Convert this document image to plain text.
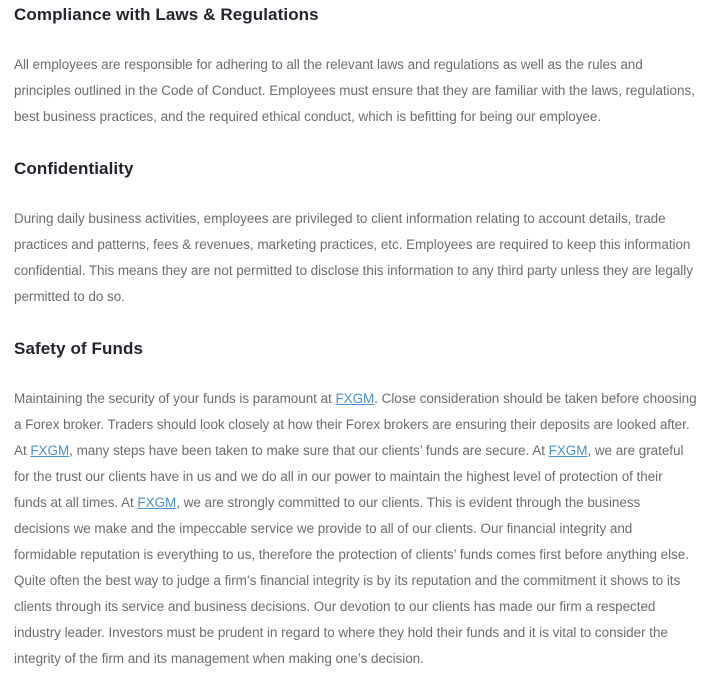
Compliance with Laws & Regulations

All employees are responsible for adhering to all the relevant laws and regulations as well as the rules and principles outlined in the Code of Conduct. Employees must ensure that they are familiar with the laws, regulations, best business practices, and the required ethical conduct, which is befitting for being our employee.

Confidentiality

During daily business activities, employees are privileged to client information relating to account details, trade practices and patterns, fees & revenues, marketing practices, etc. Employees are required to keep this information confidential. This means they are not permitted to disclose this information to any third party unless they are legally permitted to do so.

Safety of Funds

Maintaining the security of your funds is paramount at FXGM. Close consideration should be taken before choosing a Forex broker. Traders should look closely at how their Forex brokers are ensuring their deposits are looked after. At FXGM, many steps have been taken to make sure that our clients’ funds are secure. At FXGM, we are grateful for the trust our clients have in us and we do all in our power to maintain the highest level of protection of their funds at all times. At FXGM, we are strongly committed to our clients. This is evident through the business decisions we make and the impeccable service we provide to all of our clients. Our financial integrity and formidable reputation is everything to us, therefore the protection of clients’ funds comes first before anything else. Quite often the best way to judge a firm’s financial integrity is by its reputation and the commitment it shows to its clients through its service and business decisions. Our devotion to our clients has made our firm a respected industry leader. Investors must be prudent in regard to where they hold their funds and it is vital to consider the integrity of the firm and its management when making one’s decision.
